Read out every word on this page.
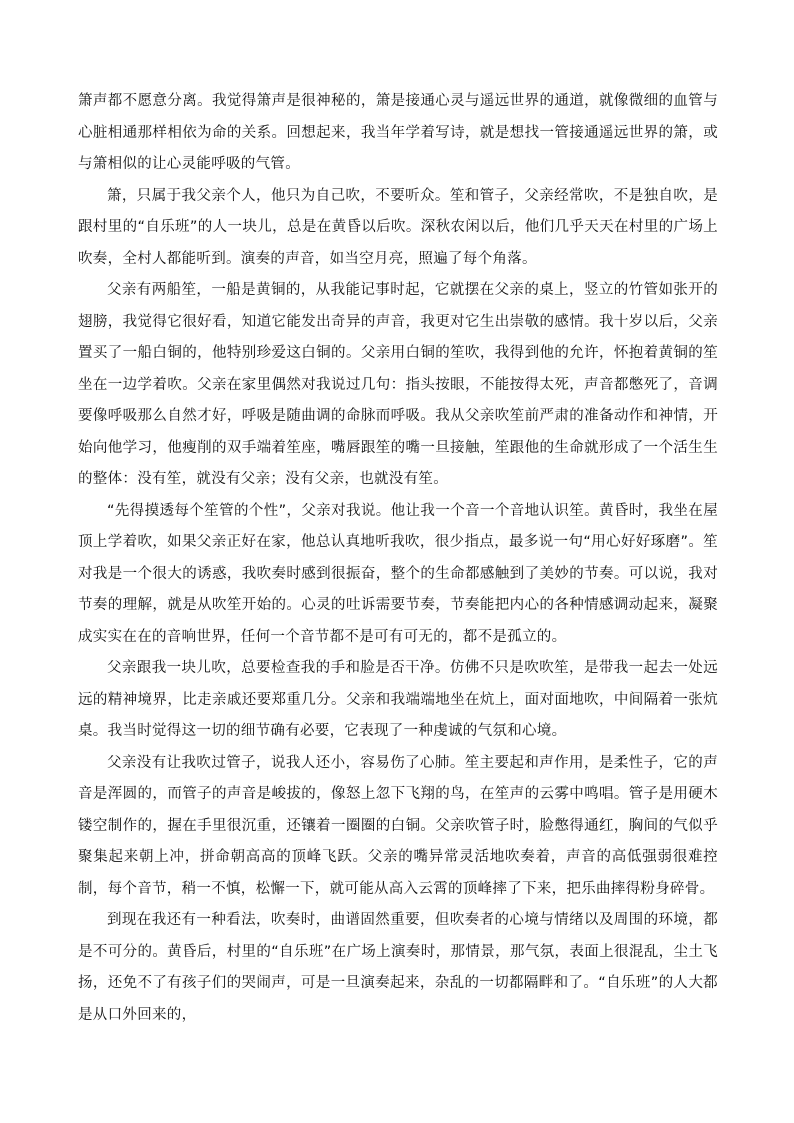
箫声都不愿意分离。我觉得箫声是很神秘的，箫是接通心灵与遥远世界的通道，就像微细的血管与心脏相通那样相依为命的关系。回想起来，我当年学着写诗，就是想找一管接通遥远世界的箫，或与箫相似的让心灵能呼吸的气管。

箫，只属于我父亲个人，他只为自己吹，不要听众。笙和管子，父亲经常吹，不是独自吹，是跟村里的“自乐班”的人一块儿，总是在黄昏以后吹。深秋农闲以后，他们几乎天天在村里的广场上吹奏，全村人都能听到。演奏的声音，如当空月亮，照遍了每个角落。

父亲有两船笙，一船是黄铜的，从我能记事时起，它就摆在父亲的桌上，竖立的竹管如张开的翅膀，我觉得它很好看，知道它能发出奇异的声音，我更对它生出崇敬的感情。我十岁以后，父亲置买了一船白铜的，他特别珍爱这白铜的。父亲用白铜的笙吹，我得到他的允许，怀抱着黄铜的笙坐在一边学着吹。父亲在家里偶然对我说过几句：指头按眼，不能按得太死，声音都憋死了，音调要像呼吸那么自然才好，呼吸是随曲调的命脉而呼吸。我从父亲吹笙前严肃的准备动作和神情，开始向他学习，他瘦削的双手端着笙座，嘴唇跟笙的嘴一旦接触，笙跟他的生命就形成了一个活生生的整体：没有笙，就没有父亲；没有父亲，也就没有笙。

“先得摸透每个笙管的个性”，父亲对我说。他让我一个音一个音地认识笙。黄昏时，我坐在屋顶上学着吹，如果父亲正好在家，他总认真地听我吹，很少指点，最多说一句“用心好好琢磨”。笙对我是一个很大的诱惑，我吹奏时感到很振奋，整个的生命都感触到了美妙的节奏。可以说，我对节奏的理解，就是从吹笙开始的。心灵的吐诉需要节奏，节奏能把内心的各种情感调动起来，凝聚成实实在在的音响世界，任何一个音节都不是可有可无的，都不是孤立的。

父亲跟我一块儿吹，总要检查我的手和脸是否干净。仿佛不只是吹吹笙，是带我一起去一处远远的精神境界，比走亲戚还要郑重几分。父亲和我端端地坐在炕上，面对面地吹，中间隔着一张炕桌。我当时觉得这一切的细节确有必要，它表现了一种虔诚的气氛和心境。

父亲没有让我吹过管子，说我人还小，容易伤了心肺。笙主要起和声作用，是柔性子，它的声音是浑圆的，而管子的声音是峻拔的，像怒上忽下飞翔的鸟，在笙声的云雾中鸣唱。管子是用硬木镂空制作的，握在手里很沉重，还镶着一圈圈的白铜。父亲吹管子时，脸憋得通红，胸间的气似乎聚集起来朝上冲，拼命朝高高的顶峰飞跃。父亲的嘴异常灵活地吹奏着，声音的高低强弱很难控制，每个音节，稍一不慎，松懈一下，就可能从高入云霄的顶峰摔了下来，把乐曲摔得粉身碎骨。

到现在我还有一种看法，吹奏时，曲谱固然重要，但吹奏者的心境与情绪以及周围的环境，都是不可分的。黄昏后，村里的“自乐班”在广场上演奏时，那情景，那气氛，表面上很混乱，尘土飞扬，还免不了有孩子们的哭闹声，可是一旦演奏起来，杂乱的一切都隔畔和了。“自乐班”的人大都是从口外回来的，
